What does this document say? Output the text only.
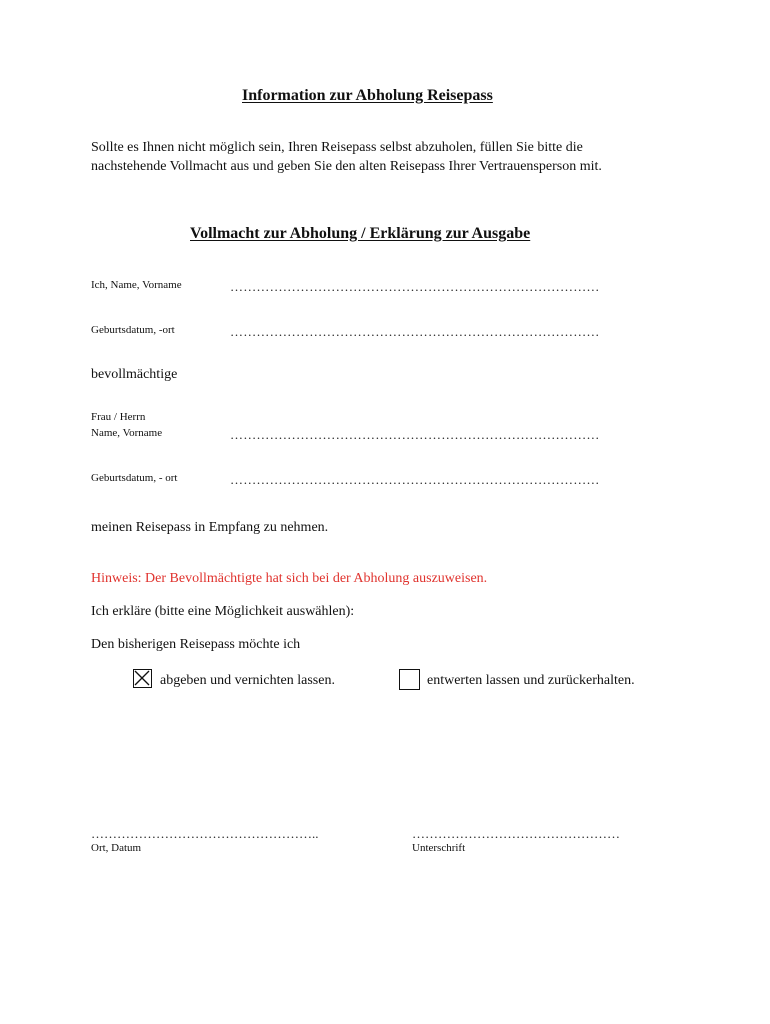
Information zur Abholung Reisepass
Sollte es Ihnen nicht möglich sein, Ihren Reisepass selbst abzuholen, füllen Sie bitte die
nachstehende Vollmacht aus und geben Sie den alten Reisepass Ihrer Vertrauensperson mit.
Vollmacht zur Abholung / Erklärung zur Ausgabe
Ich, Name, Vorname	…………………………………………………………………………
Geburtsdatum, -ort	…………………………………………………………………………
bevollmächtige
Frau / Herrn
Name, Vorname	…………………………………………………………………………
Geburtsdatum, - ort	…………………………………………………………………………
meinen Reisepass in Empfang zu nehmen.
Hinweis: Der Bevollmächtigte hat sich bei der Abholung auszuweisen.
Ich erkläre (bitte eine Möglichkeit auswählen):
Den bisherigen Reisepass möchte ich
abgeben und vernichten lassen.	entwerten lassen und zurückerhalten.
……………………………………………..
Ort, Datum
…………………………………………
Unterschrift
